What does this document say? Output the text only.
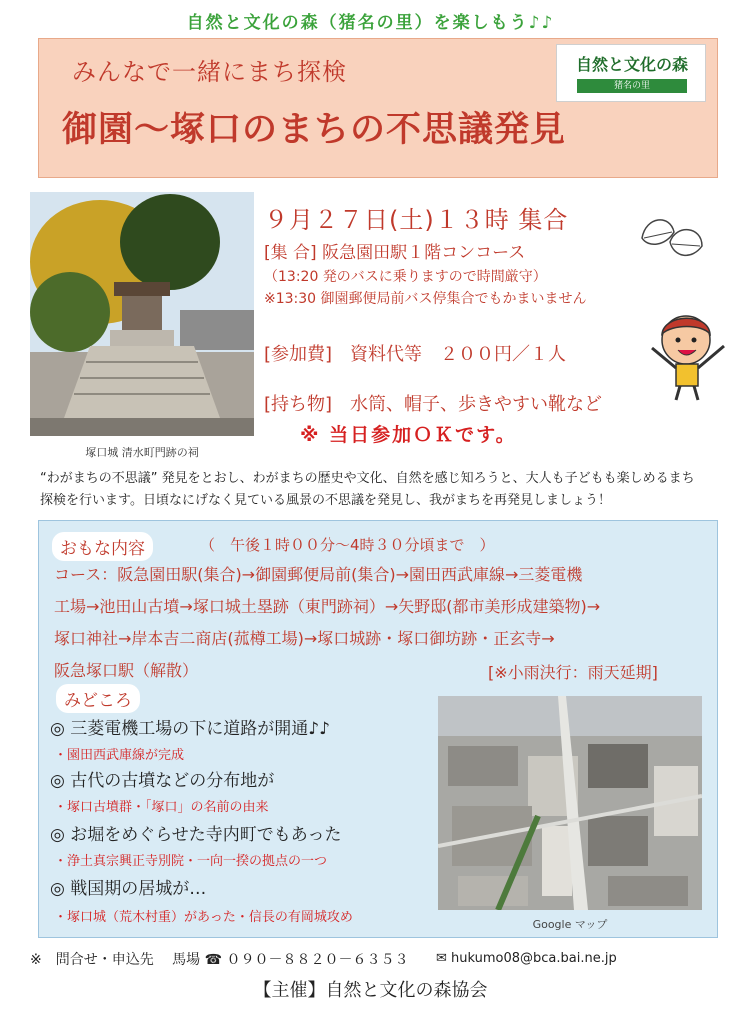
自然と文化の森（猪名の里）を楽しもう♪♪
みんなで一緒にまち探検
御園～塚口のまちの不思議発見
自然と文化の森
猪名の里
塚口城 清水町門跡の祠
９月２７日(土)１３時 集合
[集 合] 阪急園田駅１階コンコース
（13:20 発のバスに乗りますので時間厳守）
※13:30 御園郵便局前バス停集合でもかまいません
[参加費]　資料代等　２００円／１人
[持ち物]　水筒、帽子、歩きやすい靴など
※ 当日参加ＯＫです。
“わがまちの不思議” 発見をとおし、わがまちの歴史や文化、自然を感じ知ろうと、大人も子どもも楽しめるまち探検を行います。日頃なにげなく見ている風景の不思議を発見し、我がまちを再発見しましょう！
おもな内容	（　午後１時００分～4時３０分頃まで　）
コース：阪急園田駅(集合)→御園郵便局前(集合)→園田西武庫線→三菱電機
工場→池田山古墳→塚口城土塁跡（東門跡祠）→矢野邸(都市美形成建築物)→
塚口神社→岸本吉二商店(菰樽工場)→塚口城跡・塚口御坊跡・正玄寺→
阪急塚口駅（解散）	[※小雨決行：雨天延期]
みどころ
◎ 三菱電機工場の下に道路が開通♪♪
・園田西武庫線が完成
◎ 古代の古墳などの分布地が
・塚口古墳群・「塚口」の名前の由来
◎ お堀をめぐらせた寺内町でもあった
・浄土真宗興正寺別院・一向一揆の拠点の一つ
◎ 戦国期の居城が…
・塚口城（荒木村重）があった・信長の有岡城攻め	Google マップ
※　問合せ・申込先　 馬場 ☎ ０９０－８８２０－６３５３ ✉ hukumo08@bca.bai.ne.jp
【主催】自然と文化の森協会
